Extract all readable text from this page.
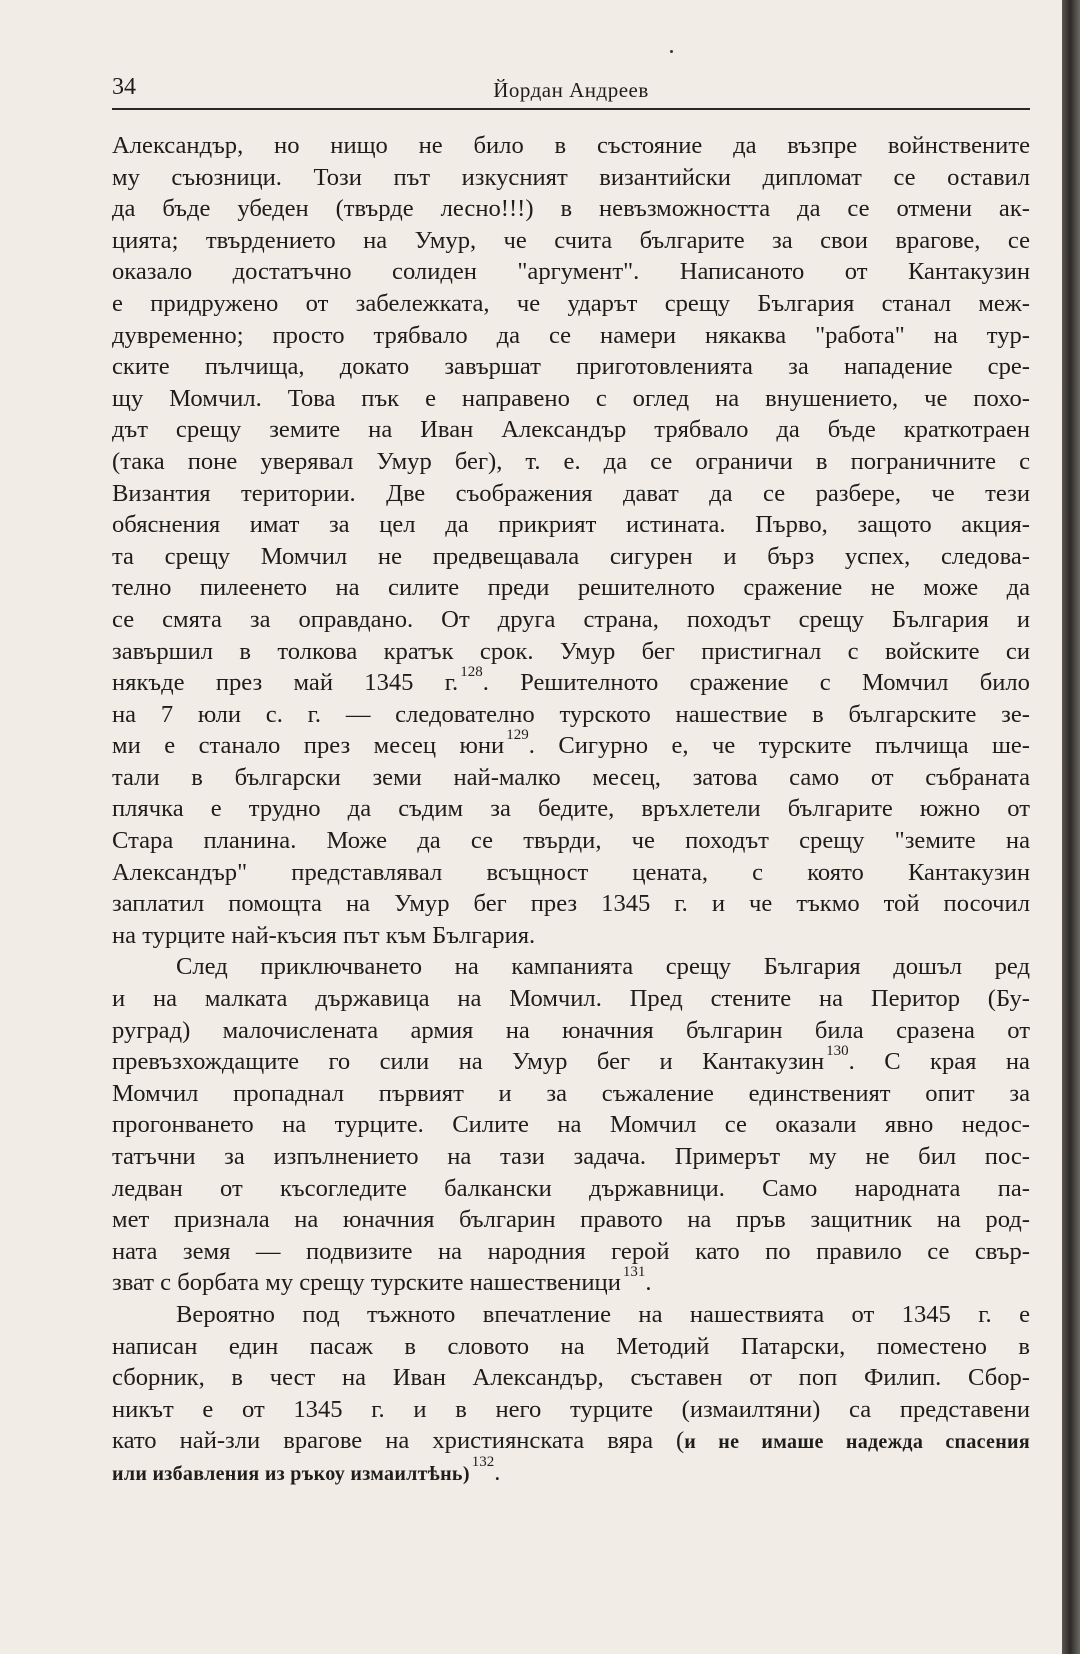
34	Йордан Андреев
Александър, но нищо не било в състояние да възпре войнствените
му съюзници. Този път изкусният византийски дипломат се оставил
да бъде убеден (твърде лесно!!!) в невъзможността да се отмени ак-
цията; твърдението на Умур, че счита българите за свои врагове, се
оказало достатъчно солиден "аргумент". Написаното от Кантакузин
е придружено от забележката, че ударът срещу България станал меж-
дувременно; просто трябвало да се намери някаква "работа" на тур-
ските пълчища, докато завършат приготовленията за нападение сре-
щу Момчил. Това пък е направено с оглед на внушението, че похо-
дът срещу земите на Иван Александър трябвало да бъде краткотраен
(така поне уверявал Умур бег), т. е. да се ограничи в пограничните с
Византия територии. Две съображения дават да се разбере, че тези
обяснения имат за цел да прикрият истината. Първо, защото акция-
та срещу Момчил не предвещавала сигурен и бърз успех, следова-
телно пилеенето на силите преди решителното сражение не може да
се смята за оправдано. От друга страна, походът срещу България и
завършил в толкова кратък срок. Умур бег пристигнал с войските си
някъде през май 1345 г. $^{128}$. Решителното сражение с Момчил било
на 7 юли с. г. — следователно турското нашествие в българските зе-
ми е станало през месец юни $^{129}$. Сигурно е, че турските пълчища ше-
тали в български земи най-малко месец, затова само от събраната
плячка е трудно да съдим за бедите, връхлетели българите южно от
Стара планина. Може да се твърди, че походът срещу "земите на
Александър" представлявал всъщност цената, с която Кантакузин
заплатил помощта на Умур бег през 1345 г. и че тъкмо той посочил
на турците най-късия път към България.
След приключването на кампанията срещу България дошъл ред
и на малката държавица на Момчил. Пред стените на Перитор (Бу-
руград) малочислената армия на юначния българин била сразена от
превъзхождащите го сили на Умур бег и Кантакузин $^{130}$. С края на
Момчил пропаднал първият и за съжаление единственият опит за
прогонването на турците. Силите на Момчил се оказали явно недос-
татъчни за изпълнението на тази задача. Примерът му не бил пос-
ледван от късогледите балкански държавници. Само народната па-
мет признала на юначния българин правото на пръв защитник на род-
ната земя — подвизите на народния герой като по правило се свър-
зват с борбата му срещу турските нашественици $^{131}$.
Вероятно под тъжното впечатление на нашествията от 1345 г. е
написан един пасаж в словото на Методий Патарски, поместено в
сборник, в чест на Иван Александър, съставен от поп Филип. Сбор-
никът е от 1345 г. и в него турците (измаилтяни) са представени
като най-зли врагове на християнската вяра (и не имаше надежда спасения
или избавления из ръкоу измаилтѣнь)$^{132}$.
